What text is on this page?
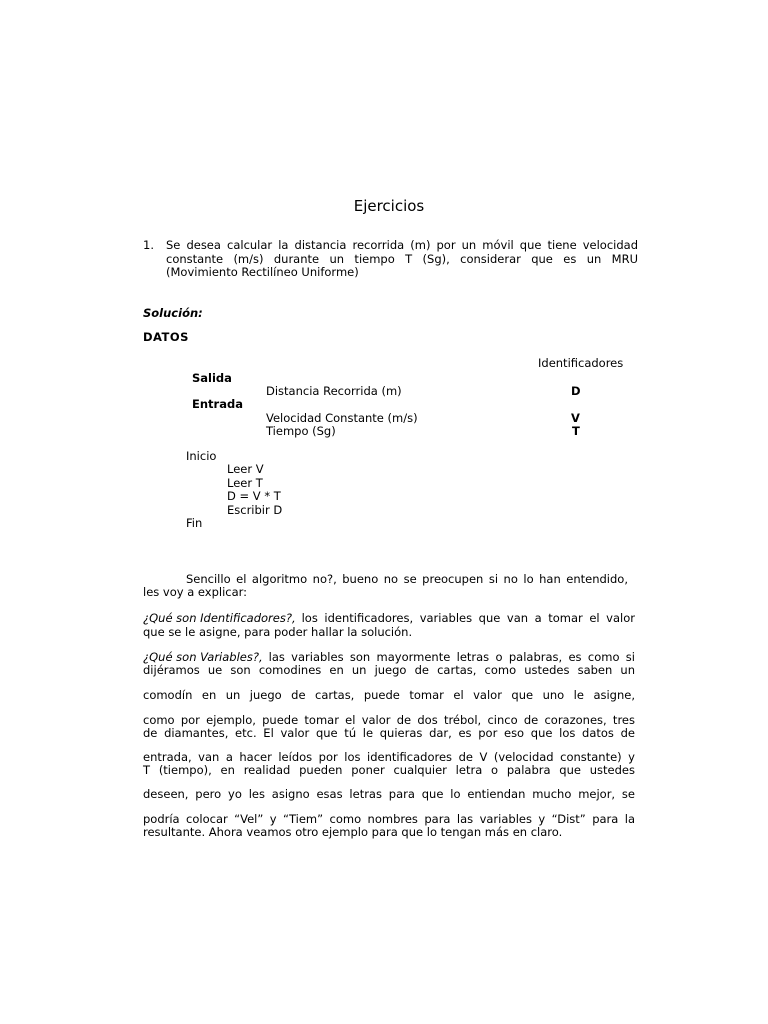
Ejercicios
1. Se desea calcular la distancia recorrida (m) por un móvil que tiene velocidad
constante (m/s) durante un tiempo T (Sg), considerar que es un MRU
(Movimiento Rectilíneo Uniforme)
Solución:
DATOS
Identificadores
Salida
Distancia Recorrida (m)	D
Entrada
Velocidad Constante (m/s)	V
Tiempo (Sg)	T
Inicio
Leer V
Leer T
D = V * T
Escribir D
Fin
Sencillo el algoritmo no?, bueno no se preocupen si no lo han entendido,
les voy a explicar:
¿Qué son Identificadores?, los identificadores, variables que van a tomar el valor
que se le asigne, para poder hallar la solución.
¿Qué son Variables?, las variables son mayormente letras o palabras, es como si
dijéramos ue son comodines en un juego de cartas, como ustedes saben un
comodín en un juego de cartas, puede tomar el valor que uno le asigne,
como por ejemplo, puede tomar el valor de dos trébol, cinco de corazones, tres
de diamantes, etc. El valor que tú le quieras dar, es por eso que los datos de
entrada, van a hacer leídos por los identificadores de V (velocidad constante) y
T (tiempo), en realidad pueden poner cualquier letra o palabra que ustedes
deseen, pero yo les asigno esas letras para que lo entiendan mucho mejor, se
podría colocar “Vel” y “Tiem” como nombres para las variables y “Dist” para la
resultante. Ahora veamos otro ejemplo para que lo tengan más en claro.
